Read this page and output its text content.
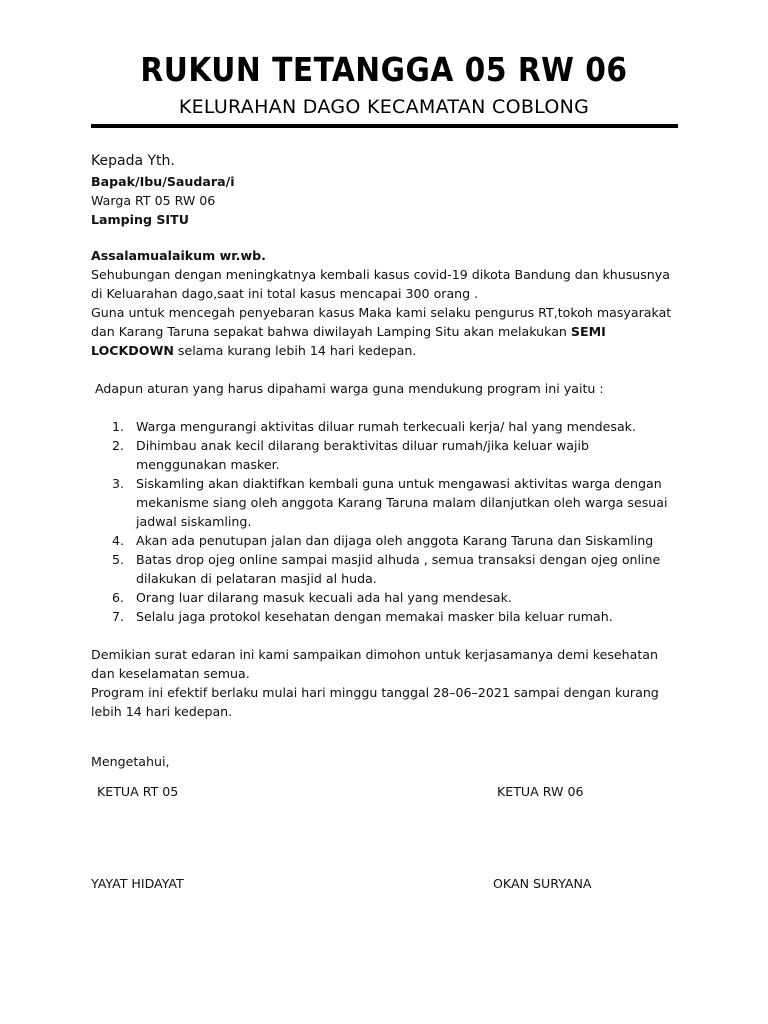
RUKUN TETANGGA 05 RW 06
KELURAHAN DAGO KECAMATAN COBLONG

Kepada Yth.

Bapak/Ibu/Saudara/i

Warga RT 05 RW 06

Lamping SITU

Assalamualaikum wr.wb.

Sehubungan dengan meningkatnya kembali kasus covid-19 dikota Bandung dan khususnya di Keluarahan dago,saat ini total kasus mencapai 300 orang .

Guna untuk mencegah penyebaran kasus Maka kami selaku pengurus RT,tokoh masyarakat dan Karang Taruna sepakat bahwa diwilayah Lamping Situ akan melakukan SEMI LOCKDOWN selama kurang lebih 14 hari kedepan.

Adapun aturan yang harus dipahami warga guna mendukung program ini yaitu :

1. Warga mengurangi aktivitas diluar rumah terkecuali kerja/ hal yang mendesak.
2. Dihimbau anak kecil dilarang beraktivitas diluar rumah/jika keluar wajib menggunakan masker.
3. Siskamling akan diaktifkan kembali guna untuk mengawasi aktivitas warga dengan mekanisme siang oleh anggota Karang Taruna malam dilanjutkan oleh warga sesuai jadwal siskamling.
4. Akan ada penutupan jalan dan dijaga oleh anggota Karang Taruna dan Siskamling
5. Batas drop ojeg online sampai masjid alhuda , semua transaksi dengan ojeg online dilakukan di pelataran masjid al huda.
6. Orang luar dilarang masuk kecuali ada hal yang mendesak.
7. Selalu jaga protokol kesehatan dengan memakai masker bila keluar rumah.

Demikian surat edaran ini kami sampaikan dimohon untuk kerjasamanya demi kesehatan dan keselamatan semua.

Program ini efektif berlaku mulai hari minggu tanggal 28–06–2021 sampai dengan kurang lebih 14 hari kedepan.

Mengetahui,
KETUA RT 05	KETUA RW 06
YAYAT HIDAYAT	OKAN SURYANA
